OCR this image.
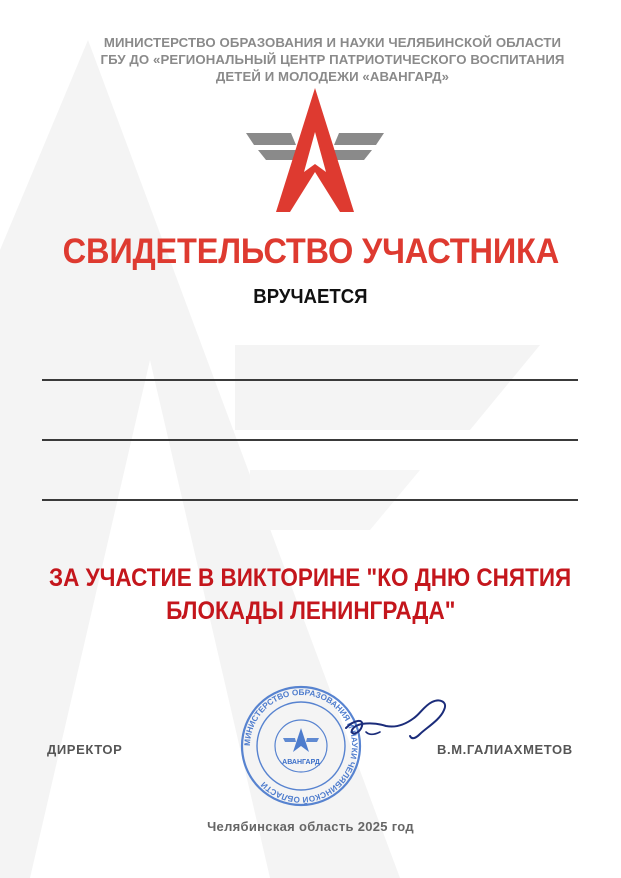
МИНИСТЕРСТВО ОБРАЗОВАНИЯ И НАУКИ ЧЕЛЯБИНСКОЙ ОБЛАСТИ
ГБУ ДО «РЕГИОНАЛЬНЫЙ ЦЕНТР ПАТРИОТИЧЕСКОГО ВОСПИТАНИЯ
ДЕТЕЙ И МОЛОДЕЖИ «АВАНГАРД»
СВИДЕТЕЛЬСТВО УЧАСТНИКА
ВРУЧАЕТСЯ
ЗА УЧАСТИЕ В ВИКТОРИНЕ "КО ДНЮ СНЯТИЯ
БЛОКАДЫ ЛЕНИНГРАДА"
ДИРЕКТОР	МИНИСТЕРСТВО ОБРАЗОВАНИЯ И НАУКИ ЧЕЛЯБИНСКОЙ ОБЛАСТИ
АВАНГАРД
В.М.ГАЛИАХМЕТОВ
Челябинская область 2025 год
